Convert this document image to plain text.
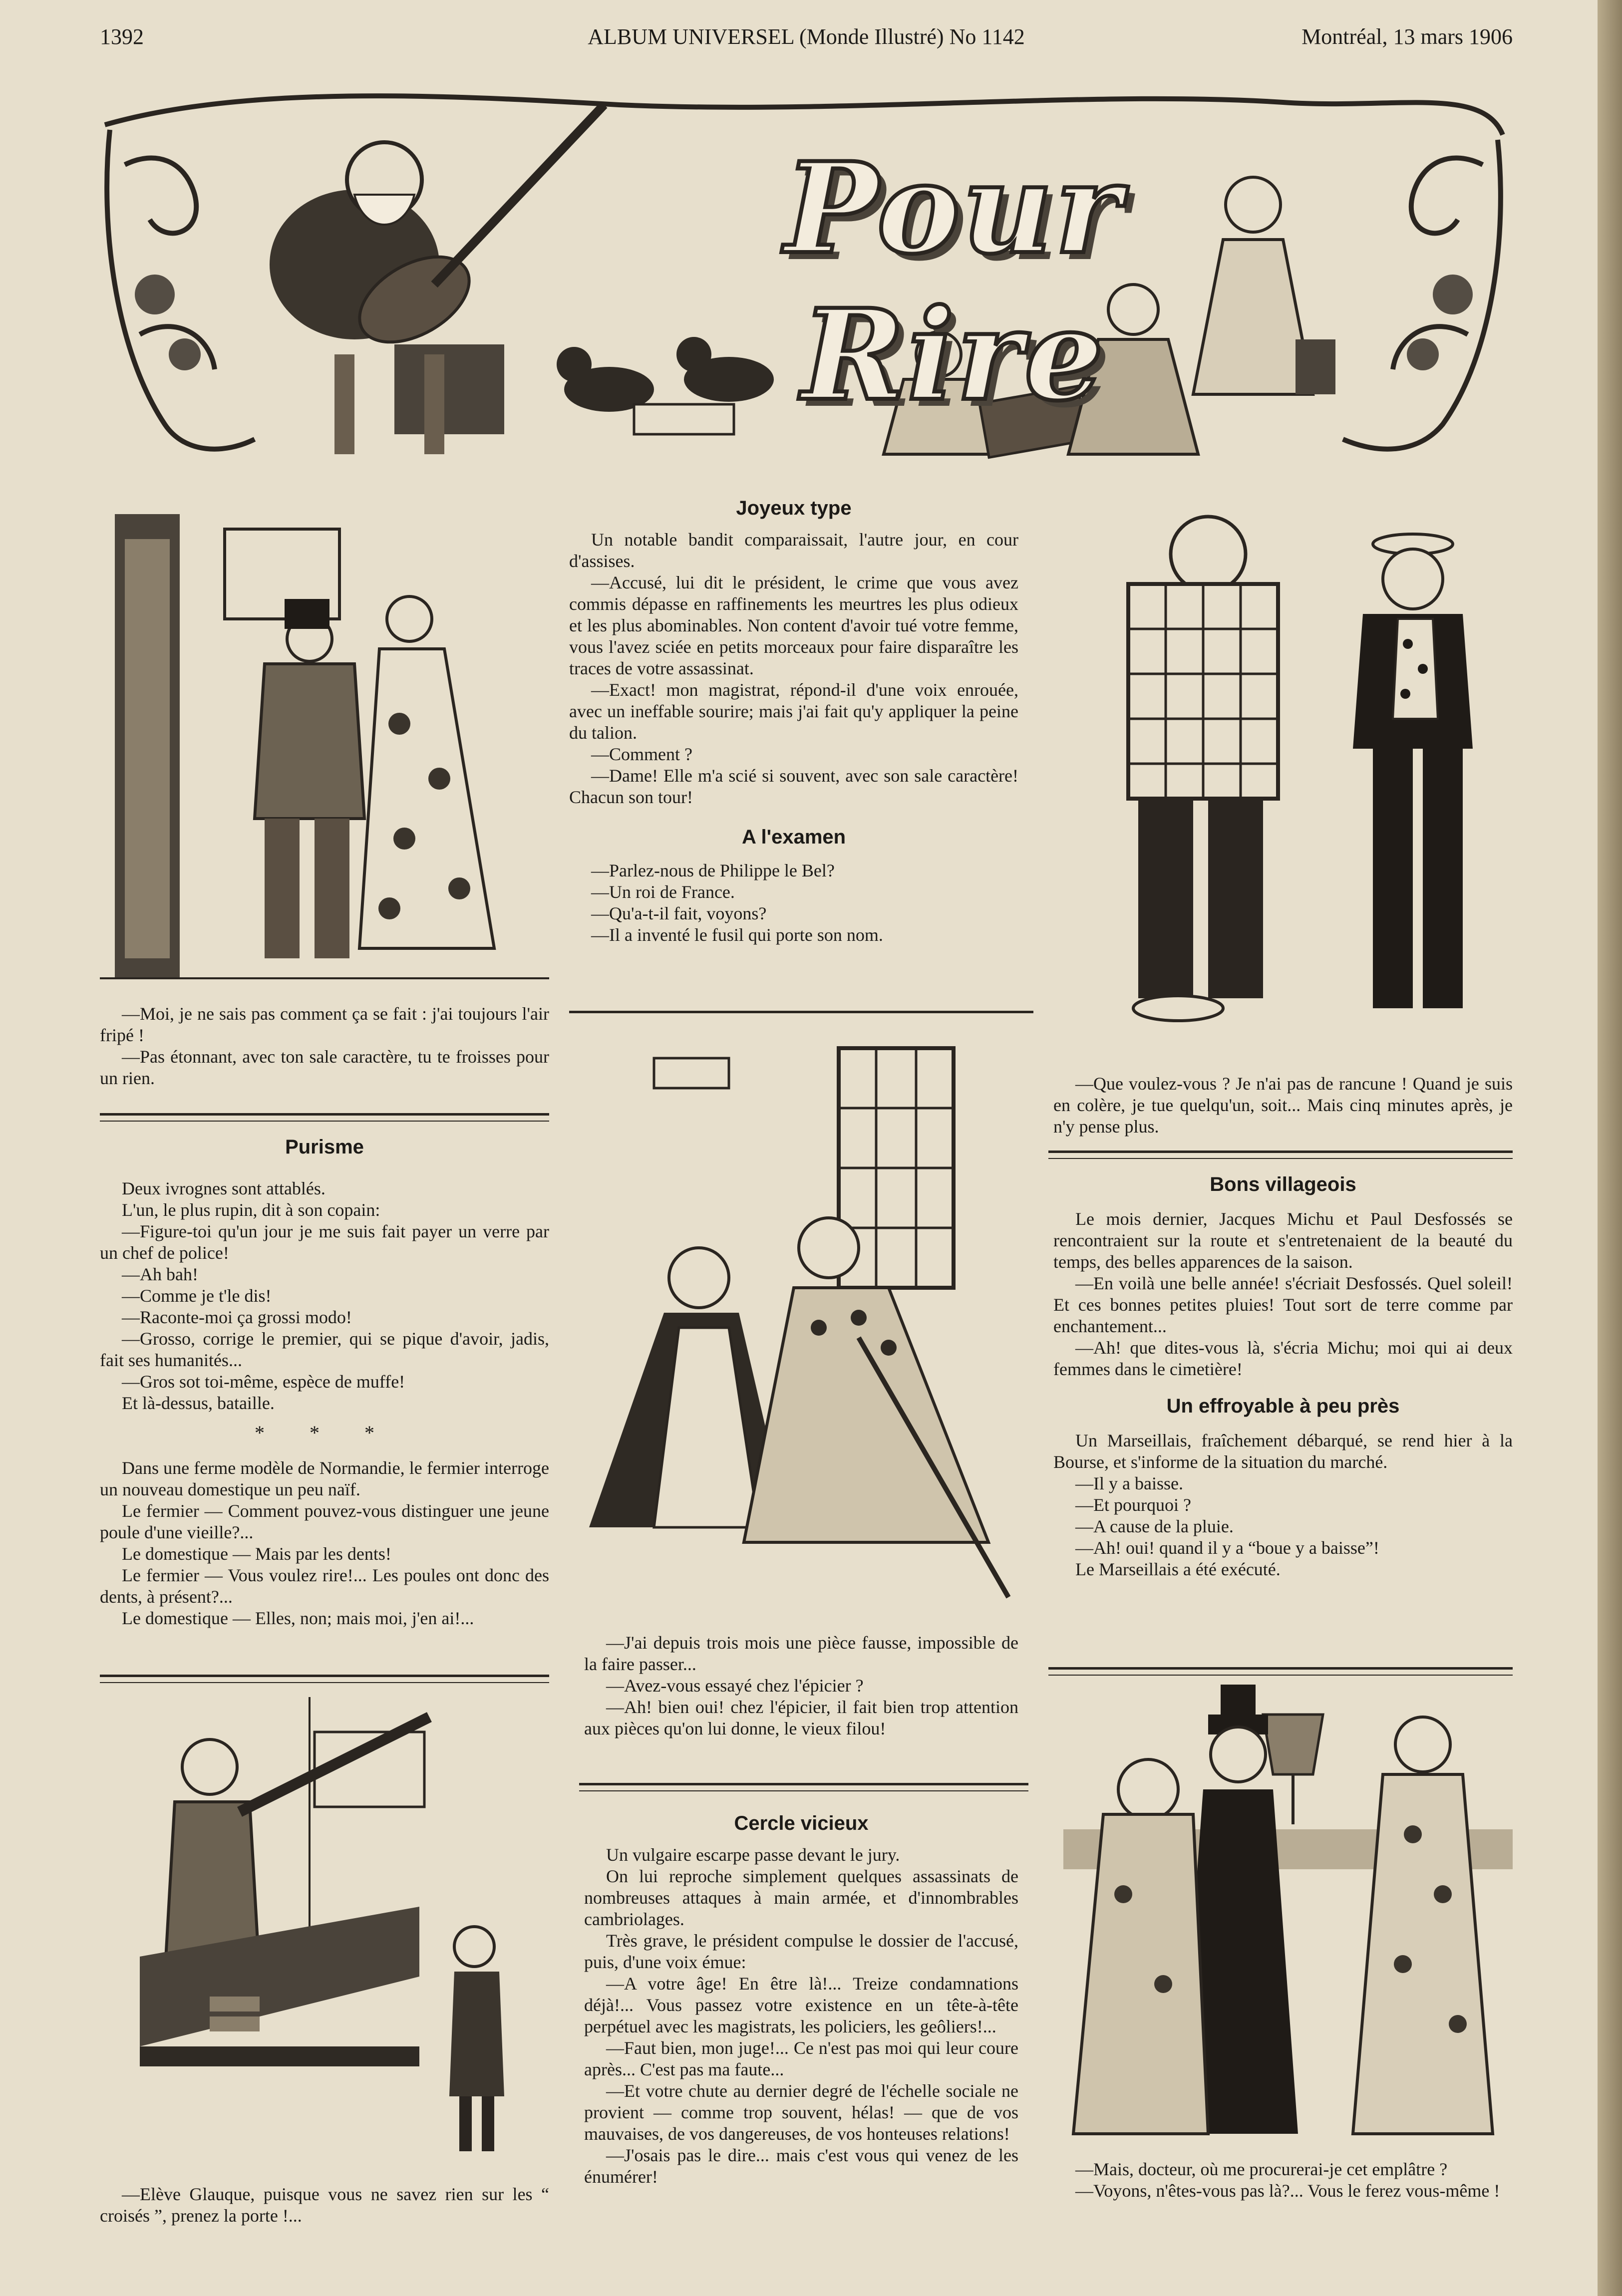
1392	ALBUM UNIVERSEL (Monde Illustré) No 1142	Montréal, 13 mars 1906
Pour Rire

—Moi, je ne sais pas comment ça se fait : j'ai toujours l'air fripé !

—Pas étonnant, avec ton sale caractère, tu te froisses pour un rien.

Purisme

Deux ivrognes sont attablés.

L'un, le plus rupin, dit à son copain:

—Figure-toi qu'un jour je me suis fait payer un verre par un chef de police!

—Ah bah!

—Comme je t'le dis!

—Raconte-moi ça grossi modo!

—Grosso, corrige le premier, qui se pique d'avoir, jadis, fait ses humanités...

—Gros sot toi-même, espèce de muffe!

Et là-dessus, bataille.

* * *

Dans une ferme modèle de Normandie, le fermier interroge un nouveau domestique un peu naïf.

Le fermier — Comment pouvez-vous distinguer une jeune poule d'une vieille?...

Le domestique — Mais par les dents!

Le fermier — Vous voulez rire!... Les poules ont donc des dents, à présent?...

Le domestique — Elles, non; mais moi, j'en ai!...

—Elève Glauque, puisque vous ne savez rien sur les “ croisés ”, prenez la porte !...

Joyeux type

Un notable bandit comparaissait, l'autre jour, en cour d'assises.

—Accusé, lui dit le président, le crime que vous avez commis dépasse en raffinements les meurtres les plus odieux et les plus abominables. Non content d'avoir tué votre femme, vous l'avez sciée en petits morceaux pour faire disparaître les traces de votre assassinat.

—Exact! mon magistrat, répond-il d'une voix enrouée, avec un ineffable sourire; mais j'ai fait qu'y appliquer la peine du talion.

—Comment ?

—Dame! Elle m'a scié si souvent, avec son sale caractère! Chacun son tour!

A l'examen

—Parlez-nous de Philippe le Bel?

—Un roi de France.

—Qu'a-t-il fait, voyons?

—Il a inventé le fusil qui porte son nom.

—J'ai depuis trois mois une pièce fausse, impossible de la faire passer...

—Avez-vous essayé chez l'épicier ?

—Ah! bien oui! chez l'épicier, il fait bien trop attention aux pièces qu'on lui donne, le vieux filou!

Cercle vicieux

Un vulgaire escarpe passe devant le jury.

On lui reproche simplement quelques assassinats de nombreuses attaques à main armée, et d'innombrables cambriolages.

Très grave, le président compulse le dossier de l'accusé, puis, d'une voix émue:

—A votre âge! En être là!... Treize condamnations déjà!... Vous passez votre existence en un tête-à-tête perpétuel avec les magistrats, les policiers, les geôliers!...

—Faut bien, mon juge!... Ce n'est pas moi qui leur coure après... C'est pas ma faute...

—Et votre chute au dernier degré de l'échelle sociale ne provient — comme trop souvent, hélas! — que de vos mauvaises, de vos dangereuses, de vos honteuses relations!

—J'osais pas le dire... mais c'est vous qui venez de les énumérer!

—Que voulez-vous ? Je n'ai pas de rancune ! Quand je suis en colère, je tue quelqu'un, soit... Mais cinq minutes après, je n'y pense plus.

Bons villageois

Le mois dernier, Jacques Michu et Paul Desfossés se rencontraient sur la route et s'entretenaient de la beauté du temps, des belles apparences de la saison.

—En voilà une belle année! s'écriait Desfossés. Quel soleil! Et ces bonnes petites pluies! Tout sort de terre comme par enchantement...

—Ah! que dites-vous là, s'écria Michu; moi qui ai deux femmes dans le cimetière!

Un effroyable à peu près

Un Marseillais, fraîchement débarqué, se rend hier à la Bourse, et s'informe de la situation du marché.

—Il y a baisse.

—Et pourquoi ?

—A cause de la pluie.

—Ah! oui! quand il y a “boue y a baisse”!

Le Marseillais a été exécuté.

—Mais, docteur, où me procurerai-je cet emplâtre ?

—Voyons, n'êtes-vous pas là?... Vous le ferez vous-même !
